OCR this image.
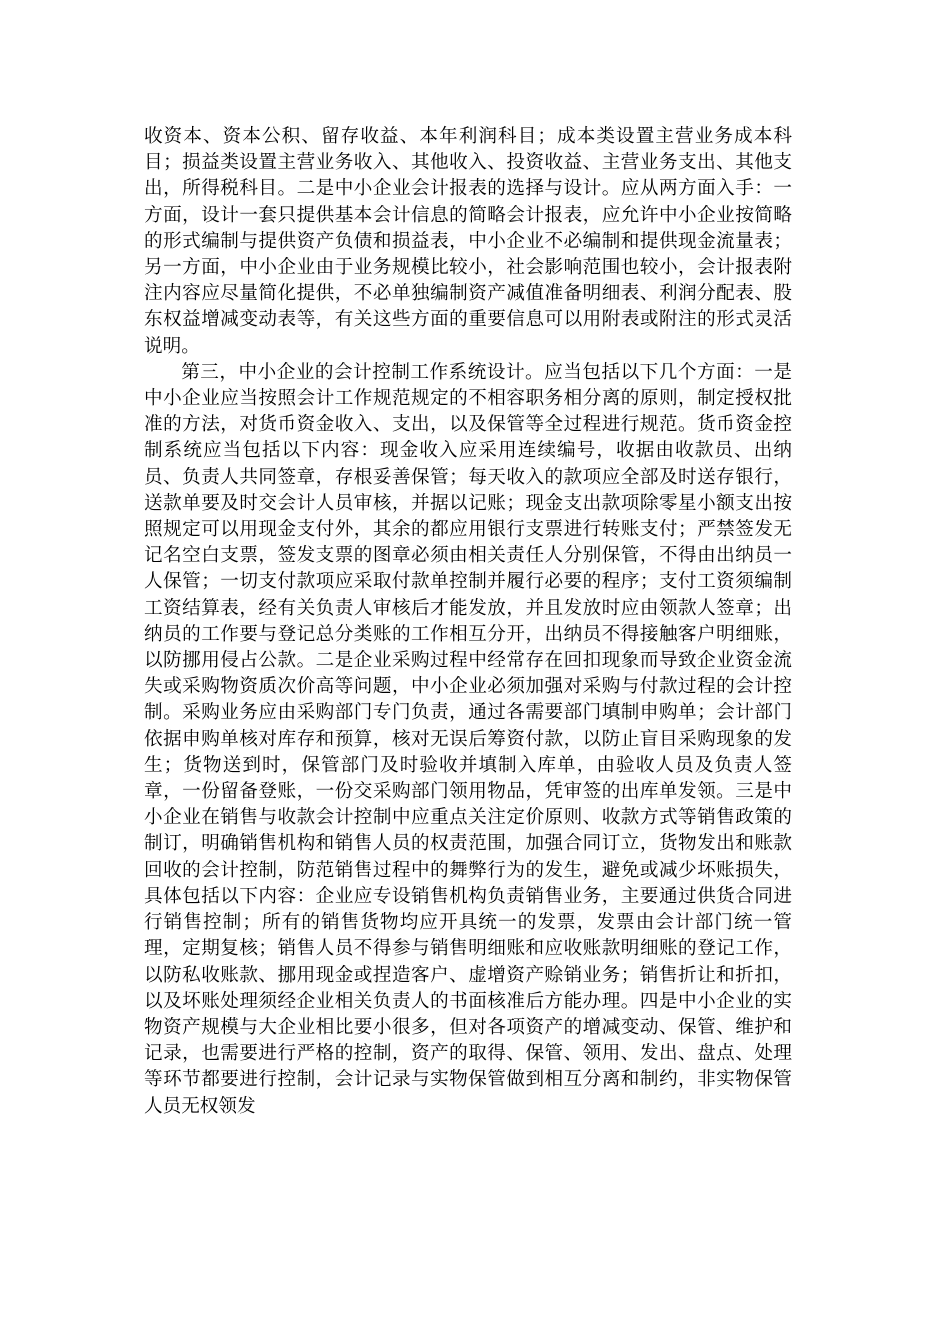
收资本、资本公积、留存收益、本年利润科目；成本类设置主营业务成本科目；损益类设置主营业务收入、其他收入、投资收益、主营业务支出、其他支出，所得税科目。二是中小企业会计报表的选择与设计。应从两方面入手：一方面，设计一套只提供基本会计信息的简略会计报表，应允许中小企业按简略的形式编制与提供资产负债和损益表，中小企业不必编制和提供现金流量表；另一方面，中小企业由于业务规模比较小，社会影响范围也较小，会计报表附注内容应尽量简化提供，不必单独编制资产减值准备明细表、利润分配表、股东权益增减变动表等，有关这些方面的重要信息可以用附表或附注的形式灵活说明。

第三，中小企业的会计控制工作系统设计。应当包括以下几个方面：一是中小企业应当按照会计工作规范规定的不相容职务相分离的原则，制定授权批准的方法，对货币资金收入、支出，以及保管等全过程进行规范。货币资金控制系统应当包括以下内容：现金收入应采用连续编号，收据由收款员、出纳员、负责人共同签章，存根妥善保管；每天收入的款项应全部及时送存银行，送款单要及时交会计人员审核，并据以记账；现金支出款项除零星小额支出按照规定可以用现金支付外，其余的都应用银行支票进行转账支付；严禁签发无记名空白支票，签发支票的图章必须由相关责任人分别保管，不得由出纳员一人保管；一切支付款项应采取付款单控制并履行必要的程序；支付工资须编制工资结算表，经有关负责人审核后才能发放，并且发放时应由领款人签章；出纳员的工作要与登记总分类账的工作相互分开，出纳员不得接触客户明细账，以防挪用侵占公款。二是企业采购过程中经常存在回扣现象而导致企业资金流失或采购物资质次价高等问题，中小企业必须加强对采购与付款过程的会计控制。采购业务应由采购部门专门负责，通过各需要部门填制申购单；会计部门依据申购单核对库存和预算，核对无误后筹资付款，以防止盲目采购现象的发生；货物送到时，保管部门及时验收并填制入库单，由验收人员及负责人签章，一份留备登账，一份交采购部门领用物品，凭审签的出库单发领。三是中小企业在销售与收款会计控制中应重点关注定价原则、收款方式等销售政策的制订，明确销售机构和销售人员的权责范围，加强合同订立，货物发出和账款回收的会计控制，防范销售过程中的舞弊行为的发生，避免或减少坏账损失，具体包括以下内容：企业应专设销售机构负责销售业务，主要通过供货合同进行销售控制；所有的销售货物均应开具统一的发票，发票由会计部门统一管理，定期复核；销售人员不得参与销售明细账和应收账款明细账的登记工作，以防私收账款、挪用现金或捏造客户、虚增资产赊销业务；销售折让和折扣，以及坏账处理须经企业相关负责人的书面核准后方能办理。四是中小企业的实物资产规模与大企业相比要小很多，但对各项资产的增减变动、保管、维护和记录，也需要进行严格的控制，资产的取得、保管、领用、发出、盘点、处理等环节都要进行控制，会计记录与实物保管做到相互分离和制约，非实物保管人员无权领发
